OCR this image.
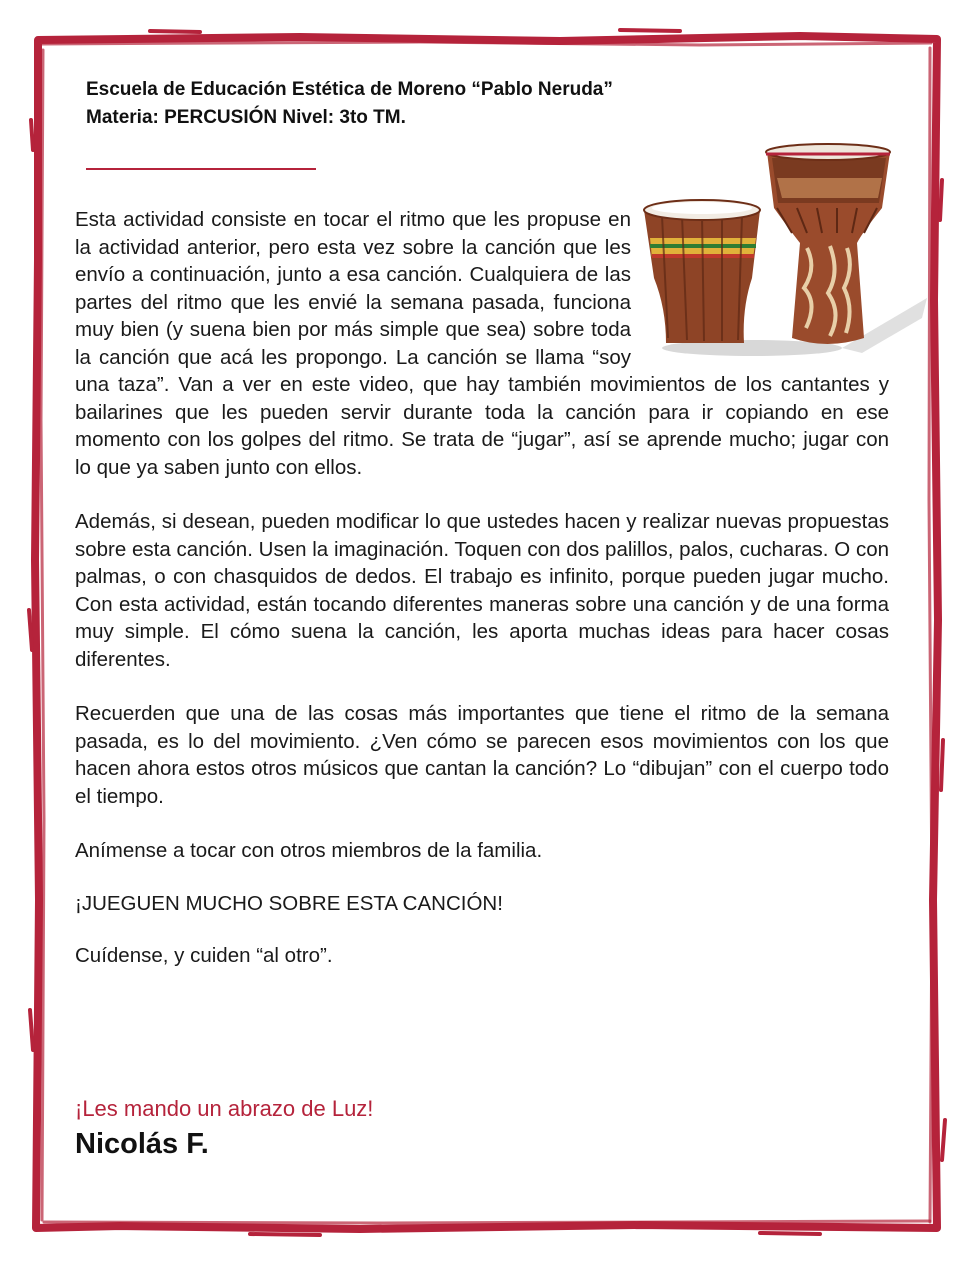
Escuela de Educación Estética de Moreno “Pablo Neruda”
Materia: PERCUSIÓN Nivel: 3to TM.

Esta actividad consiste en tocar el ritmo que les propuse en la actividad anterior, pero esta vez sobre la canción que les envío a continuación, junto a esa canción. Cualquiera de las partes del ritmo que les envié la semana pasada, funciona muy bien (y suena bien por más simple que sea) sobre toda la canción que acá les propongo. La canción se llama “soy una taza”. Van a ver en este video, que hay también movimientos de los cantantes y bailarines que les pueden servir durante toda la canción para ir copiando en ese momento con los golpes del ritmo. Se trata de “jugar”, así se aprende mucho; jugar con lo que ya saben junto con ellos.

Además, si desean, pueden modificar lo que ustedes hacen y realizar nuevas propuestas sobre esta canción. Usen la imaginación. Toquen con dos palillos, palos, cucharas. O con palmas, o con chasquidos de dedos. El trabajo es infinito, porque pueden jugar mucho. Con esta actividad, están tocando diferentes maneras sobre una canción y de una forma muy simple. El cómo suena la canción, les aporta muchas ideas para hacer cosas diferentes.

Recuerden que una de las cosas más importantes que tiene el ritmo de la semana pasada, es lo del movimiento. ¿Ven cómo se parecen esos movimientos con los que hacen ahora estos otros músicos que cantan la canción? Lo “dibujan” con el cuerpo todo el tiempo.

Anímense a tocar con otros miembros de la familia.

¡JUEGUEN MUCHO SOBRE ESTA CANCIÓN!

Cuídense, y cuiden “al otro”.

¡Les mando un abrazo de Luz!
Nicolás F.
